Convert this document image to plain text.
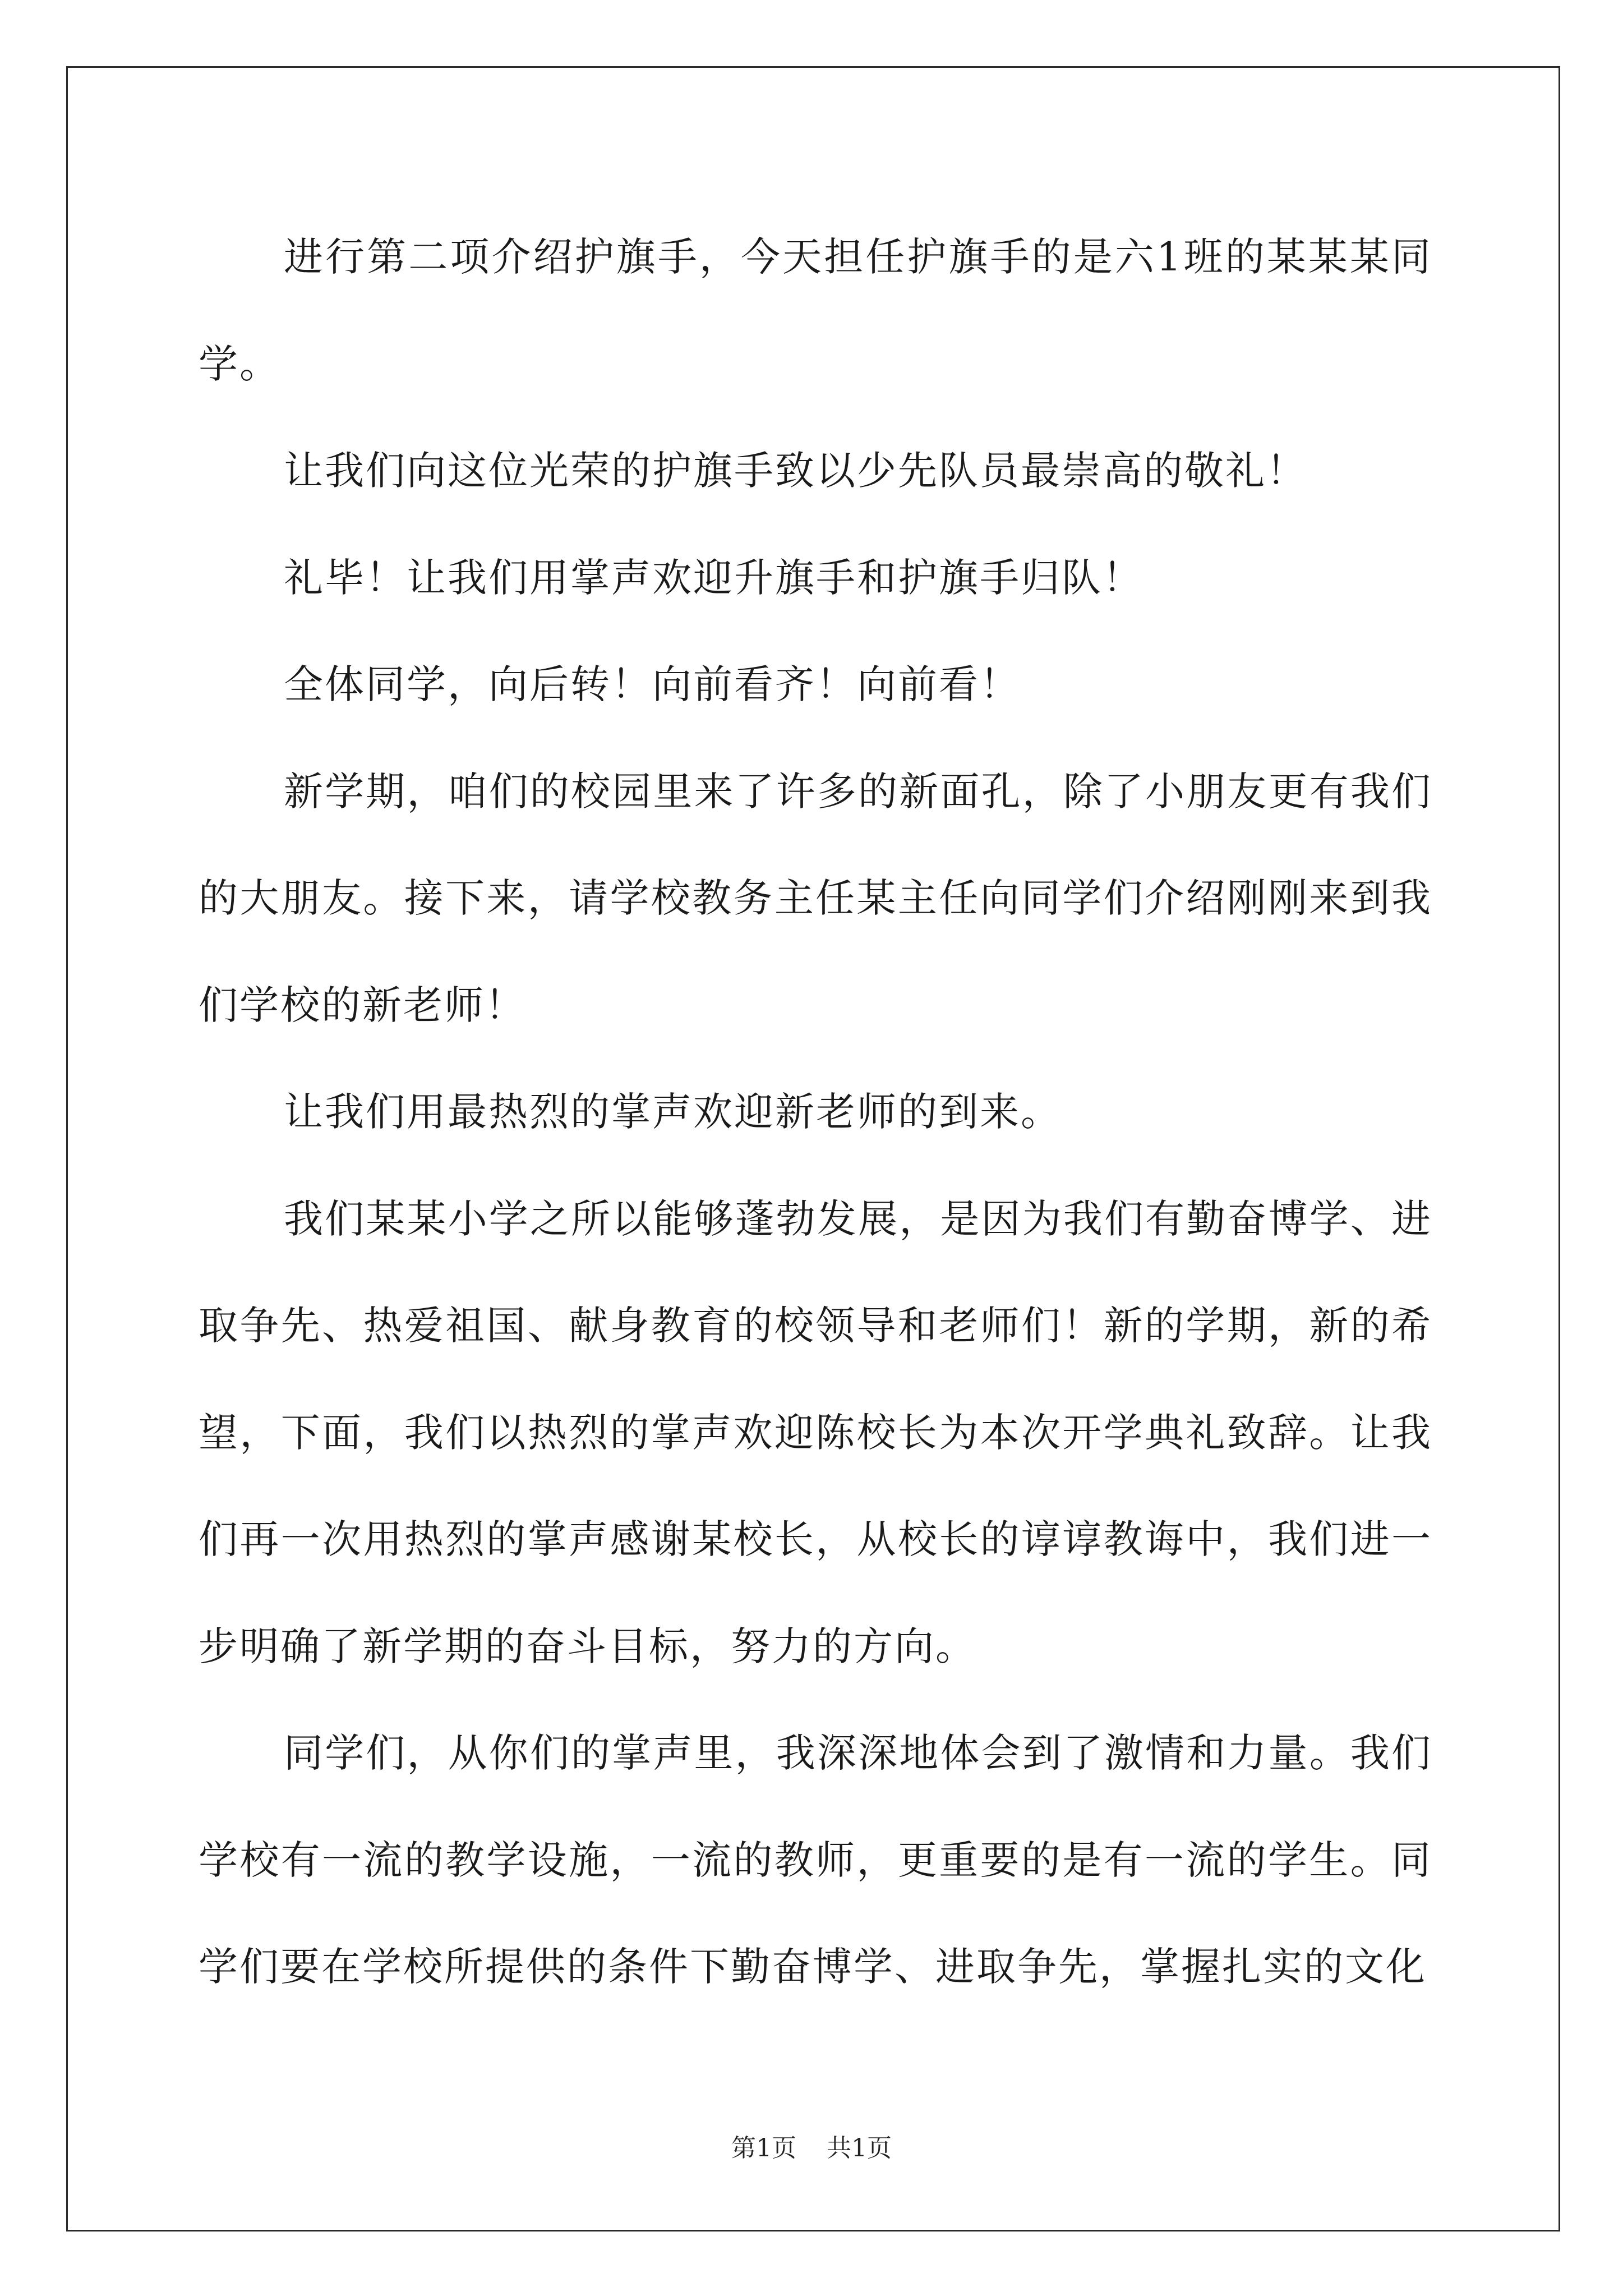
进行第二项介绍护旗手，今天担任护旗手的是六1班的某某某同学。

让我们向这位光荣的护旗手致以少先队员最崇高的敬礼！

礼毕！让我们用掌声欢迎升旗手和护旗手归队！

全体同学，向后转！向前看齐！向前看！

新学期，咱们的校园里来了许多的新面孔，除了小朋友更有我们的大朋友。接下来，请学校教务主任某主任向同学们介绍刚刚来到我们学校的新老师！

让我们用最热烈的掌声欢迎新老师的到来。

我们某某小学之所以能够蓬勃发展，是因为我们有勤奋博学、进取争先、热爱祖国、献身教育的校领导和老师们！新的学期，新的希望，下面，我们以热烈的掌声欢迎陈校长为本次开学典礼致辞。让我们再一次用热烈的掌声感谢某校长，从校长的谆谆教诲中，我们进一步明确了新学期的奋斗目标，努力的方向。

同学们，从你们的掌声里，我深深地体会到了激情和力量。我们学校有一流的教学设施，一流的教师，更重要的是有一流的学生。同学们要在学校所提供的条件下勤奋博学、进取争先，掌握扎实的文化

第1页 共1页
